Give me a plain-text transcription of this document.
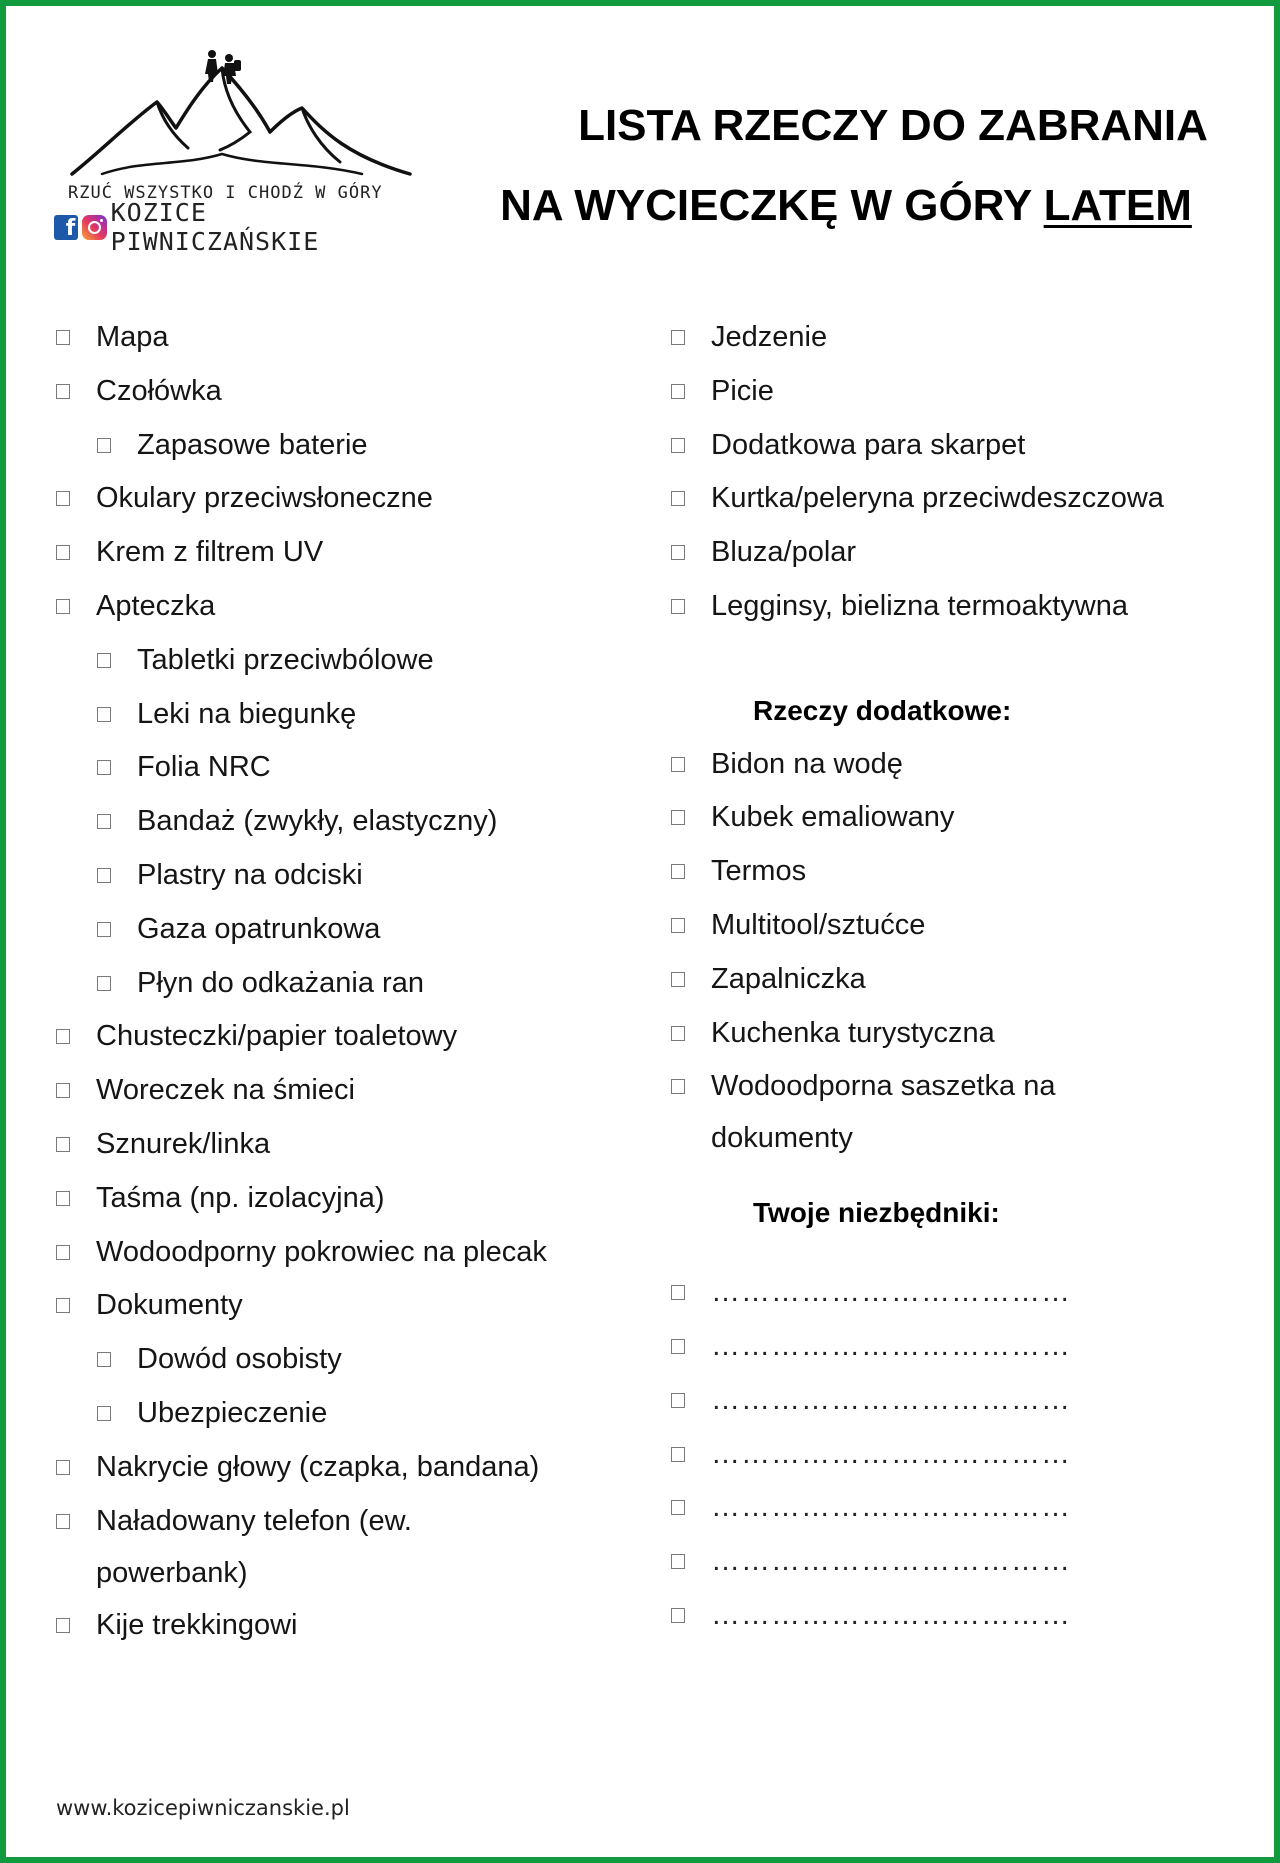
RZUĆ WSZYSTKO I CHODŹ W GÓRY
f
KOZICE PIWNICZAŃSKIE
LISTA RZECZY DO ZABRANIA
NA WYCIECZKĘ W GÓRY LATEM
Mapa
Czołówka
Zapasowe baterie
Okulary przeciwsłoneczne
Krem z filtrem UV
Apteczka
Tabletki przeciwbólowe
Leki na biegunkę
Folia NRC
Bandaż (zwykły, elastyczny)
Plastry na odciski
Gaza opatrunkowa
Płyn do odkażania ran
Chusteczki/papier toaletowy
Woreczek na śmieci
Sznurek/linka
Taśma (np. izolacyjna)
Wodoodporny pokrowiec na plecak
Dokumenty
Dowód osobisty
Ubezpieczenie
Nakrycie głowy (czapka, bandana)
Naładowany telefon (ew. powerbank)
Kije trekkingowi
Jedzenie
Picie
Dodatkowa para skarpet
Kurtka/peleryna przeciwdeszczowa
Bluza/polar
Legginsy, bielizna termoaktywna
Rzeczy dodatkowe:
Bidon na wodę
Kubek emaliowany
Termos
Multitool/sztućce
Zapalniczka
Kuchenka turystyczna
Wodoodporna saszetka na dokumenty
Twoje niezbędniki:
………………………………
………………………………
………………………………
………………………………
………………………………
………………………………
………………………………
www.kozicepiwniczanskie.pl
